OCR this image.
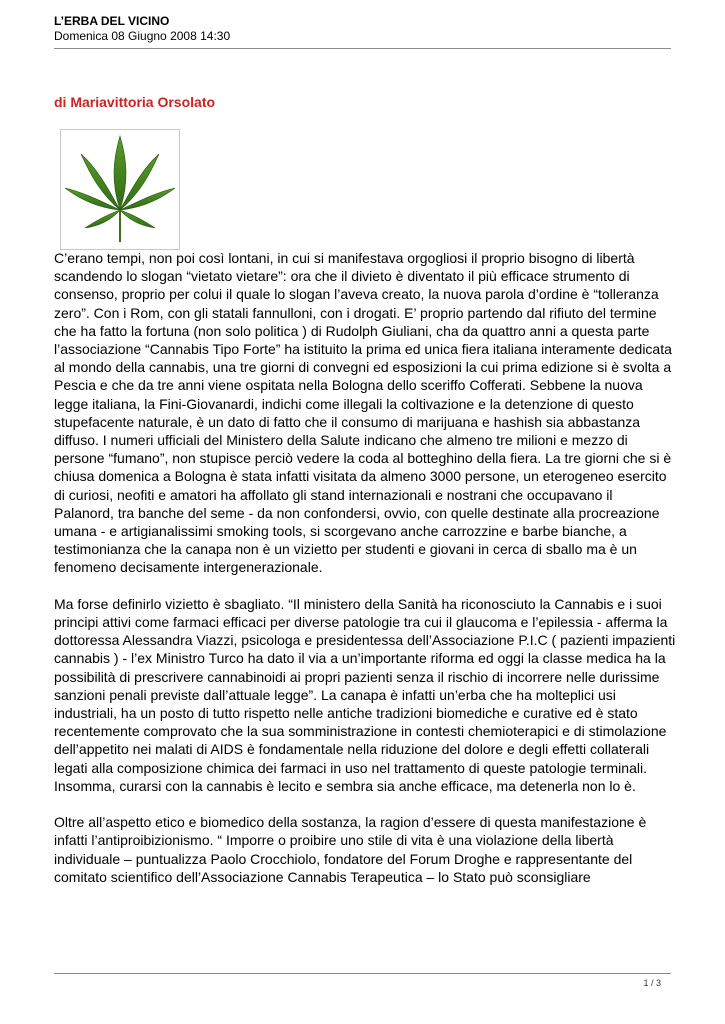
L’ERBA DEL VICINO
Domenica 08 Giugno 2008 14:30
di Mariavittoria Orsolato

C’erano tempi, non poi così lontani, in cui si manifestava orgogliosi il proprio bisogno di libertà scandendo lo slogan “vietato vietare”: ora che il divieto è diventato il più efficace strumento di consenso, proprio per colui il quale lo slogan l’aveva creato, la nuova parola d’ordine è “tolleranza zero”. Con i Rom, con gli statali fannulloni, con i drogati. E’ proprio partendo dal rifiuto del termine che ha fatto la fortuna (non solo politica ) di Rudolph Giuliani, cha da quattro anni a questa parte l’associazione “Cannabis Tipo Forte” ha istituito la prima ed unica fiera italiana interamente dedicata al mondo della cannabis, una tre giorni di convegni ed esposizioni la cui prima edizione si è svolta a Pescia e che da tre anni viene ospitata nella Bologna dello sceriffo Cofferati. Sebbene la nuova legge italiana, la Fini-Giovanardi, indichi come illegali la coltivazione e la detenzione di questo stupefacente naturale, è un dato di fatto che il consumo di marijuana e hashish sia abbastanza diffuso. I numeri ufficiali del Ministero della Salute indicano che almeno tre milioni e mezzo di persone “fumano”, non stupisce perciò vedere la coda al botteghino della fiera. La tre giorni che si è chiusa domenica a Bologna è stata infatti visitata da almeno 3000 persone, un eterogeneo esercito di curiosi, neofiti e amatori ha affollato gli stand internazionali e nostrani che occupavano il Palanord, tra banche del seme - da non confondersi, ovvio, con quelle destinate alla procreazione umana - e artigianalissimi smoking tools, si scorgevano anche carrozzine e barbe bianche, a testimonianza che la canapa non è un vizietto per studenti e giovani in cerca di sballo ma è un fenomeno decisamente intergenerazionale.

Ma forse definirlo vizietto è sbagliato. “Il ministero della Sanità ha riconosciuto la Cannabis e i suoi principi attivi come farmaci efficaci per diverse patologie tra cui il glaucoma e l’epilessia - afferma la dottoressa Alessandra Viazzi, psicologa e presidentessa dell’Associazione P.I.C ( pazienti impazienti cannabis ) - l’ex Ministro Turco ha dato il via a un’importante riforma ed oggi la classe medica ha la possibilità di prescrivere cannabinoidi ai propri pazienti senza il rischio di incorrere nelle durissime sanzioni penali previste dall’attuale legge”. La canapa è infatti un’erba che ha molteplici usi industriali, ha un posto di tutto rispetto nelle antiche tradizioni biomediche e curative ed è stato recentemente comprovato che la sua somministrazione in contesti chemioterapici e di stimolazione dell’appetito nei malati di AIDS è fondamentale nella riduzione del dolore e degli effetti collaterali legati alla composizione chimica dei farmaci in uso nel trattamento di queste patologie terminali. Insomma, curarsi con la cannabis è lecito e sembra sia anche efficace, ma detenerla non lo è.

Oltre all’aspetto etico e biomedico della sostanza, la ragion d’essere di questa manifestazione è infatti l’antiproibizionismo. “ Imporre o proibire uno stile di vita è una violazione della libertà individuale – puntualizza Paolo Crocchiolo, fondatore del Forum Droghe e rappresentante del comitato scientifico dell’Associazione Cannabis Terapeutica – lo Stato può sconsigliare

1 / 3
